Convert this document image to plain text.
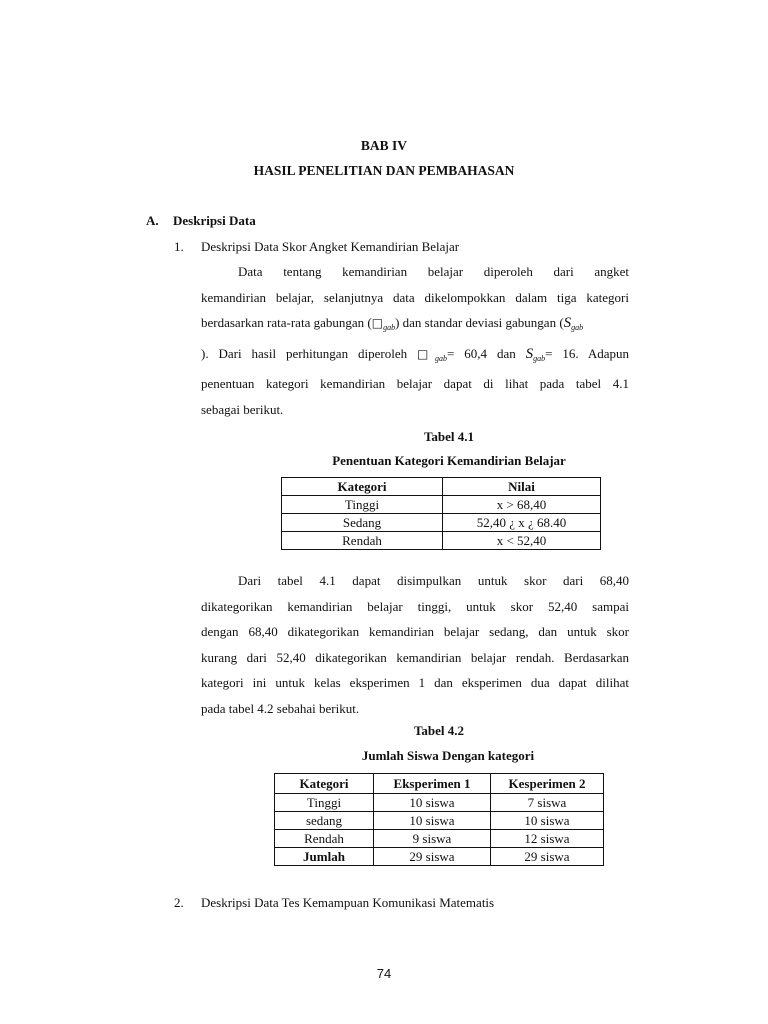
BAB IV
HASIL PENELITIAN DAN PEMBAHASAN
A. Deskripsi Data
1. Deskripsi Data Skor Angket Kemandirian Belajar
Data tentang kemandirian belajar diperoleh dari angket
kemandirian belajar, selanjutnya data dikelompokkan dalam tiga kategori
berdasarkan rata-rata gabungan $(□_{gab})$ dan standar deviasi gabungan ($S_{gab}$
). Dari hasil perhitungan diperoleh $□_{gab}= 60,4$ dan $S_{gab}= 16$. Adapun
penentuan kategori kemandirian belajar dapat di lihat pada tabel 4.1
sebagai berikut.
Tabel 4.1
Penentuan Kategori Kemandirian Belajar
Kategori	Nilai
Tinggi	x > 68,40
Sedang	52,40 ¿ x ¿ 68.40
Rendah	x < 52,40
Dari tabel 4.1 dapat disimpulkan untuk skor dari 68,40
dikategorikan kemandirian belajar tinggi, untuk skor 52,40 sampai
dengan 68,40 dikategorikan kemandirian belajar sedang, dan untuk skor
kurang dari 52,40 dikategorikan kemandirian belajar rendah. Berdasarkan
kategori ini untuk kelas eksperimen 1 dan eksperimen dua dapat dilihat
pada tabel 4.2 sebahai berikut.
Tabel 4.2
Jumlah Siswa Dengan kategori
Kategori	Eksperimen 1	Kesperimen 2
Tinggi	10 siswa	7 siswa
sedang	10 siswa	10 siswa
Rendah	9 siswa	12 siswa
Jumlah	29 siswa	29 siswa
2. Deskripsi Data Tes Kemampuan Komunikasi Matematis
74
